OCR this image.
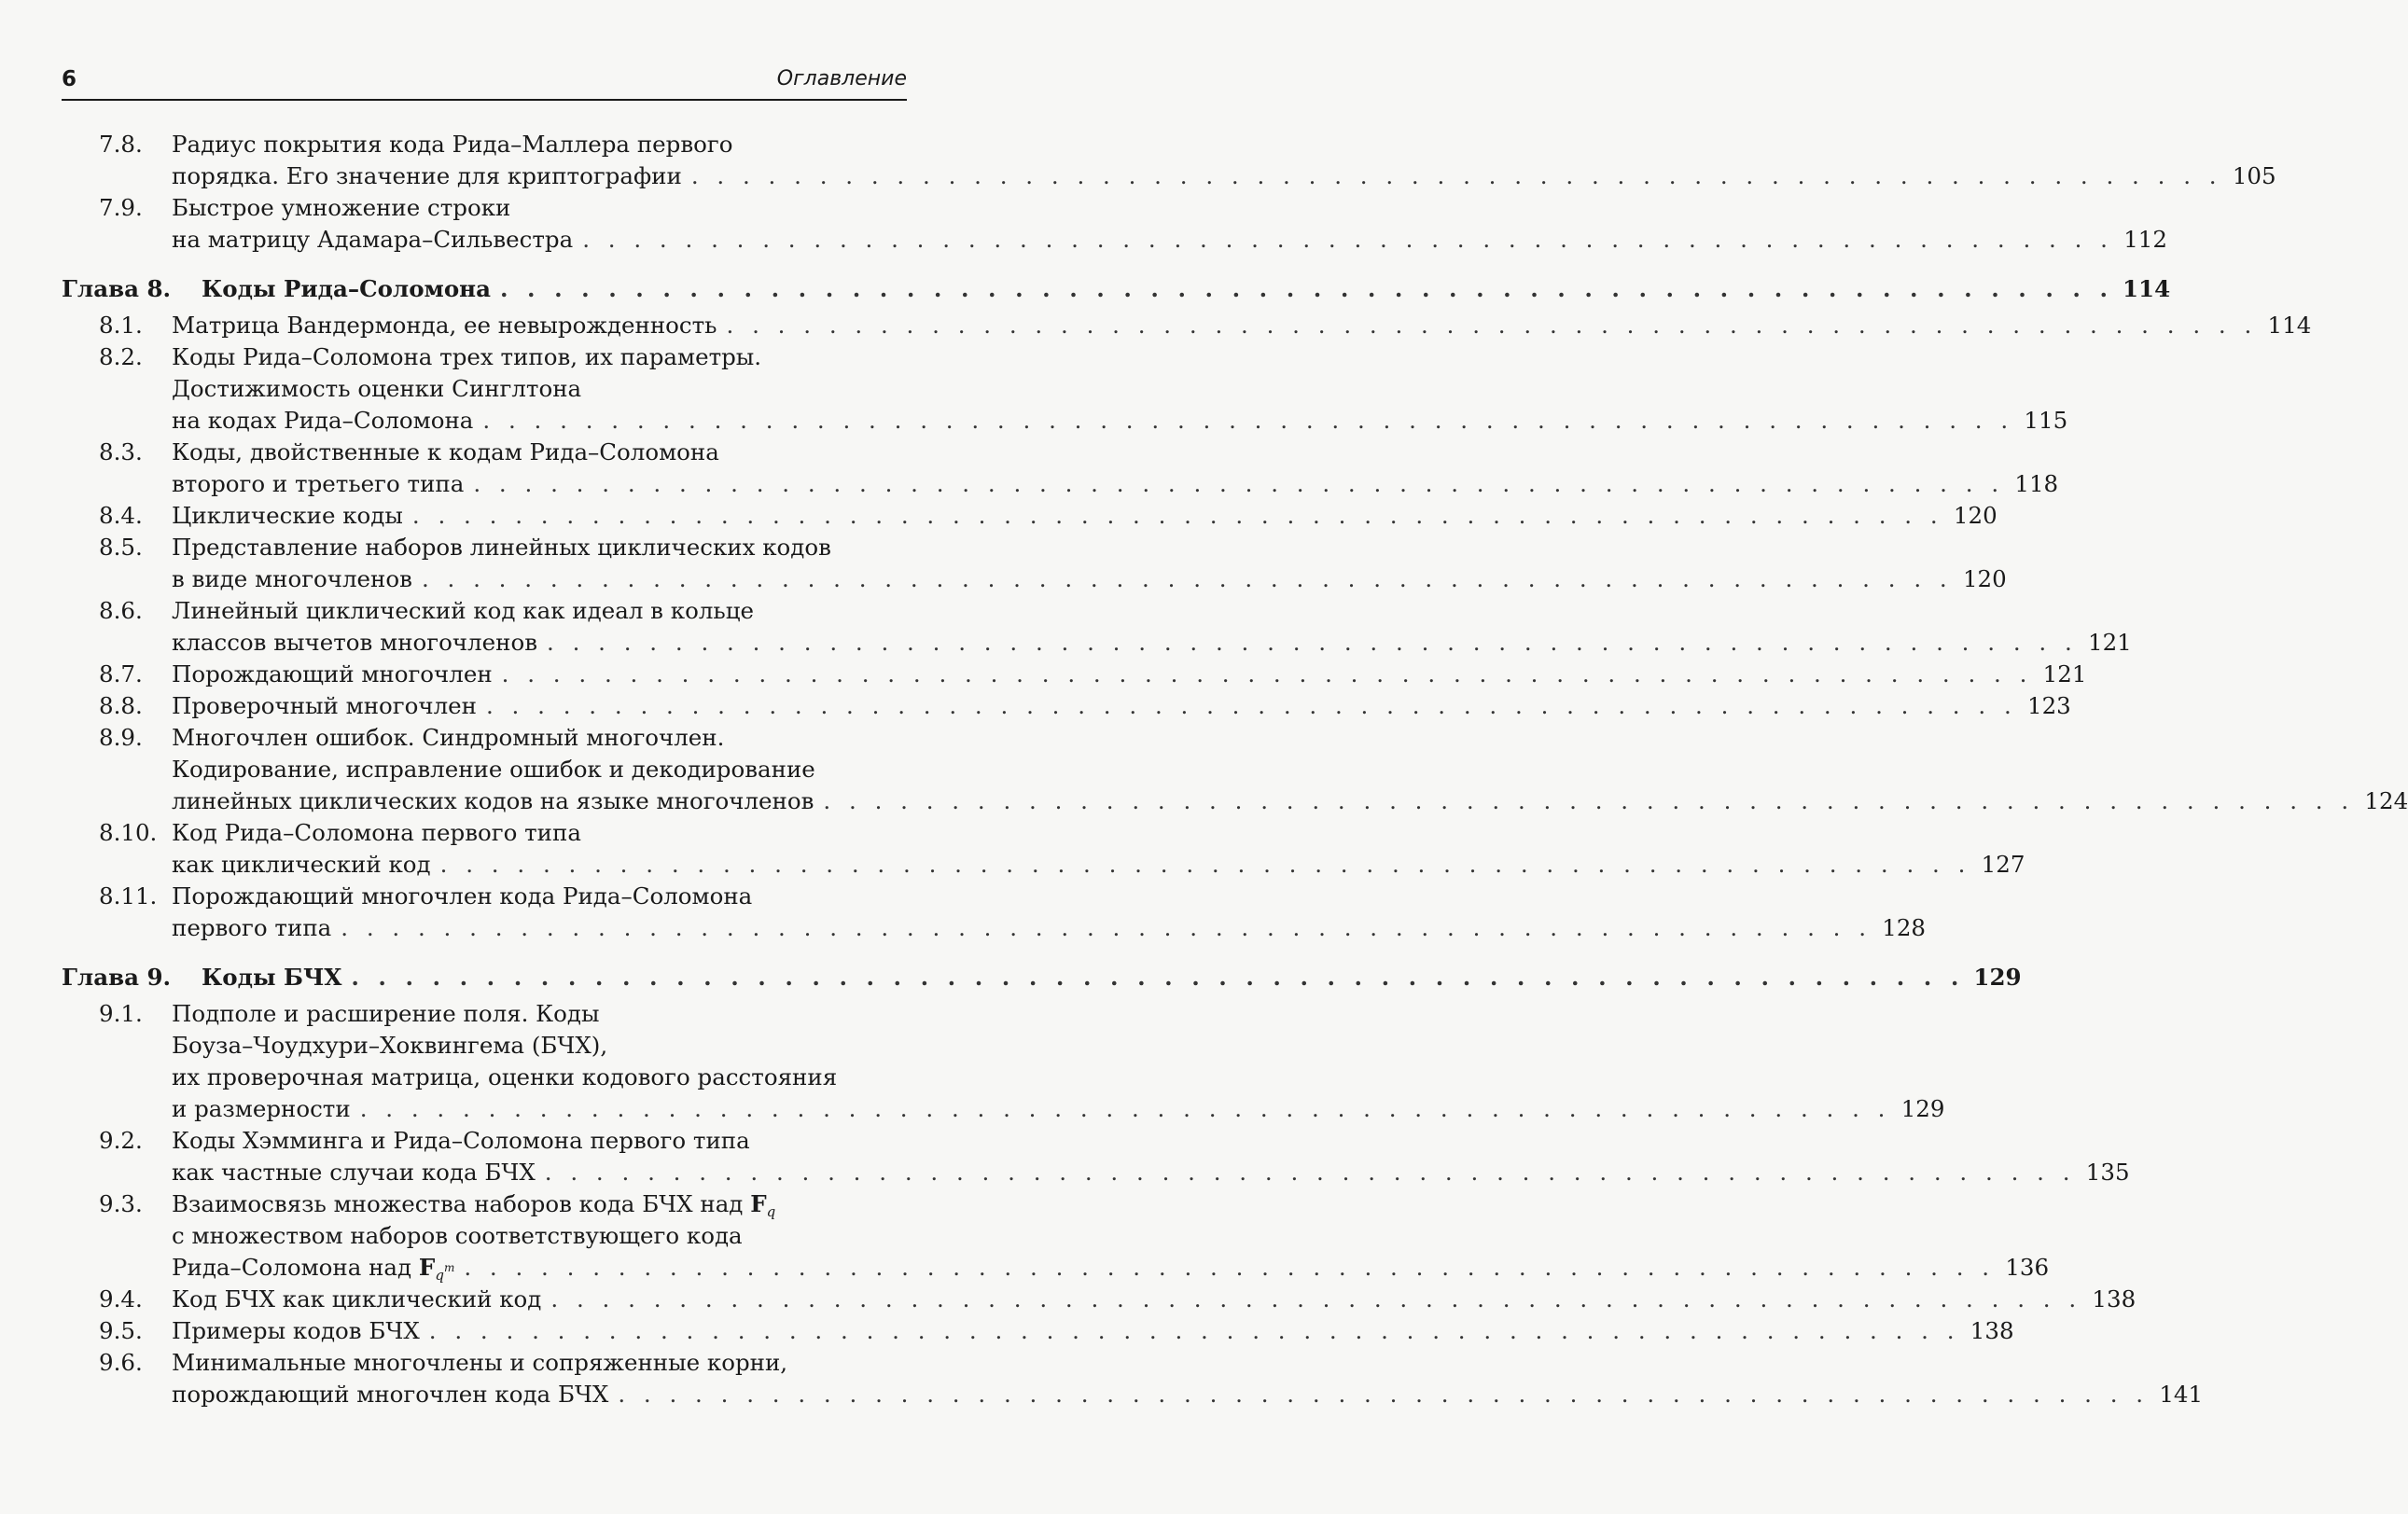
6	Оглавление
7.8. Радиус покрытия кода Рида–Маллера первого
порядка. Его значение для криптографии . . . . . . . . . . . . . . . . . . . . . . . . . . . . . . . . . . . . . . . . . . . . . . . . . . . . . . . . . . . . 105
7.9. Быстрое умножение строки
на матрицу Адамара–Сильвестра . . . . . . . . . . . . . . . . . . . . . . . . . . . . . . . . . . . . . . . . . . . . . . . . . . . . . . . . . . . . 112
Глава 8. Коды Рида–Соломона . . . . . . . . . . . . . . . . . . . . . . . . . . . . . . . . . . . . . . . . . . . . . . . . . . . . . . . . . . . . 114
8.1. Матрица Вандермонда, ее невырожденность . . . . . . . . . . . . . . . . . . . . . . . . . . . . . . . . . . . . . . . . . . . . . . . . . . . . . . . . . . . . 114
8.2. Коды Рида–Соломона трех типов, их параметры.
Достижимость оценки Синглтона
на кодах Рида–Соломона . . . . . . . . . . . . . . . . . . . . . . . . . . . . . . . . . . . . . . . . . . . . . . . . . . . . . . . . . . . . 115
8.3. Коды, двойственные к кодам Рида–Соломона
второго и третьего типа . . . . . . . . . . . . . . . . . . . . . . . . . . . . . . . . . . . . . . . . . . . . . . . . . . . . . . . . . . . . 118
8.4. Циклические коды . . . . . . . . . . . . . . . . . . . . . . . . . . . . . . . . . . . . . . . . . . . . . . . . . . . . . . . . . . . . 120
8.5. Представление наборов линейных циклических кодов
в виде многочленов . . . . . . . . . . . . . . . . . . . . . . . . . . . . . . . . . . . . . . . . . . . . . . . . . . . . . . . . . . . . 120
8.6. Линейный циклический код как идеал в кольце
классов вычетов многочленов . . . . . . . . . . . . . . . . . . . . . . . . . . . . . . . . . . . . . . . . . . . . . . . . . . . . . . . . . . . . 121
8.7. Порождающий многочлен . . . . . . . . . . . . . . . . . . . . . . . . . . . . . . . . . . . . . . . . . . . . . . . . . . . . . . . . . . . . 121
8.8. Проверочный многочлен . . . . . . . . . . . . . . . . . . . . . . . . . . . . . . . . . . . . . . . . . . . . . . . . . . . . . . . . . . . . 123
8.9. Многочлен ошибок. Синдромный многочлен.
Кодирование, исправление ошибок и декодирование
линейных циклических кодов на языке многочленов . . . . . . . . . . . . . . . . . . . . . . . . . . . . . . . . . . . . . . . . . . . . . . . . . . . . . . . . . . . . 124
8.10. Код Рида–Соломона первого типа
как циклический код . . . . . . . . . . . . . . . . . . . . . . . . . . . . . . . . . . . . . . . . . . . . . . . . . . . . . . . . . . . . 127
8.11. Порождающий многочлен кода Рида–Соломона
первого типа . . . . . . . . . . . . . . . . . . . . . . . . . . . . . . . . . . . . . . . . . . . . . . . . . . . . . . . . . . . . 128
Глава 9. Коды БЧХ . . . . . . . . . . . . . . . . . . . . . . . . . . . . . . . . . . . . . . . . . . . . . . . . . . . . . . . . . . . . 129
9.1. Подполе и расширение поля. Коды
Боуза–Чоудхури–Хоквингема (БЧХ),
их проверочная матрица, оценки кодового расстояния
и размерности . . . . . . . . . . . . . . . . . . . . . . . . . . . . . . . . . . . . . . . . . . . . . . . . . . . . . . . . . . . . 129
9.2. Коды Хэмминга и Рида–Соломона первого типа
как частные случаи кода БЧХ . . . . . . . . . . . . . . . . . . . . . . . . . . . . . . . . . . . . . . . . . . . . . . . . . . . . . . . . . . . . 135
9.3. Взаимосвязь множества наборов кода БЧХ над $F_q$
с множеством наборов соответствующего кода
Рида–Соломона над $F_{q^m}$ . . . . . . . . . . . . . . . . . . . . . . . . . . . . . . . . . . . . . . . . . . . . . . . . . . . . . . . . . . . . 136
9.4. Код БЧХ как циклический код . . . . . . . . . . . . . . . . . . . . . . . . . . . . . . . . . . . . . . . . . . . . . . . . . . . . . . . . . . . . 138
9.5. Примеры кодов БЧХ . . . . . . . . . . . . . . . . . . . . . . . . . . . . . . . . . . . . . . . . . . . . . . . . . . . . . . . . . . . . 138
9.6. Минимальные многочлены и сопряженные корни,
порождающий многочлен кода БЧХ . . . . . . . . . . . . . . . . . . . . . . . . . . . . . . . . . . . . . . . . . . . . . . . . . . . . . . . . . . . . 141
